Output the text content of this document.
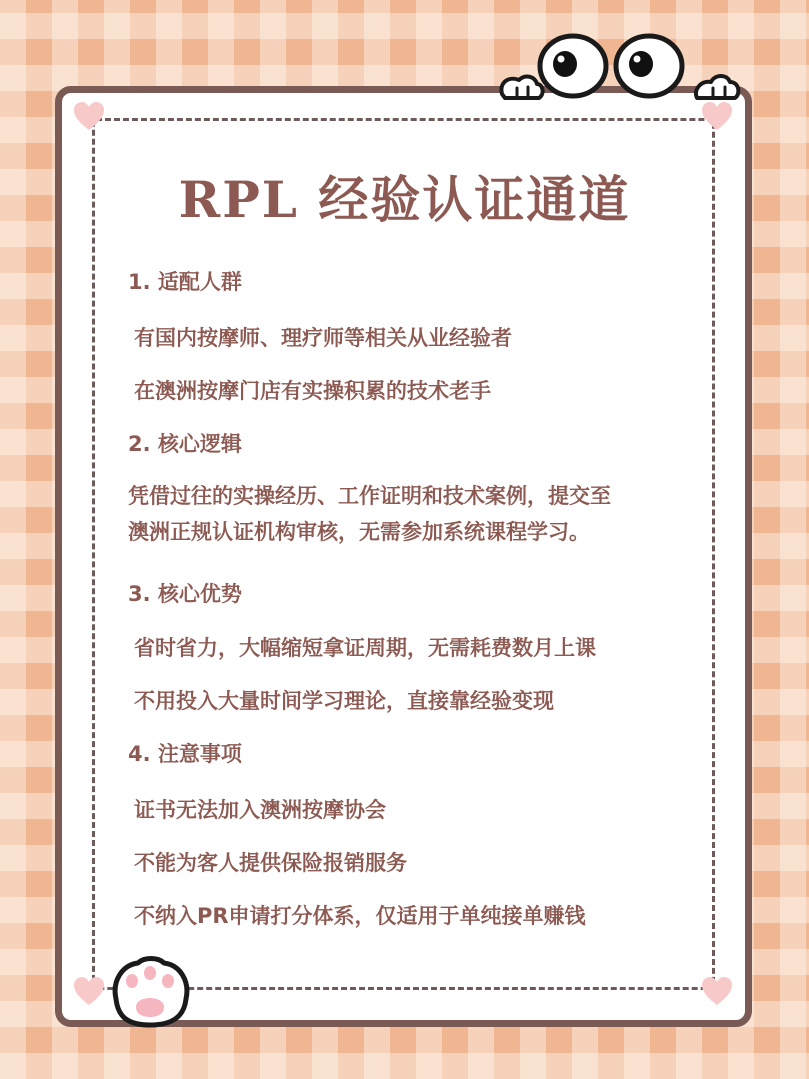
RPL 经验认证通道
1. 适配人群
有国内按摩师、理疗师等相关从业经验者
在澳洲按摩门店有实操积累的技术老手
2. 核心逻辑
凭借过往的实操经历、工作证明和技术案例，提交至
澳洲正规认证机构审核，无需参加系统课程学习。
3. 核心优势
省时省力，大幅缩短拿证周期，无需耗费数月上课
不用投入大量时间学习理论，直接靠经验变现
4. 注意事项
证书无法加入澳洲按摩协会
不能为客人提供保险报销服务
不纳入PR申请打分体系，仅适用于单纯接单赚钱
